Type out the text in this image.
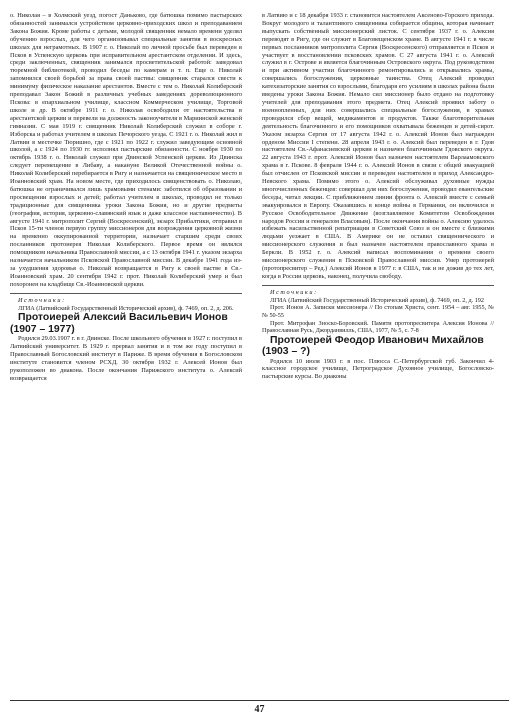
о. Николая – в Холмский уезд, погост Даньково, где батюшка помимо пастырских обязанностей занимался устройством церковно-приходских школ и преподаванием Закона Божия. Кроме работы с детьми, молодой священник немало времени уделял обучению взрослых, для чего организовывал специальные занятия в воскресных школах для неграмотных. В 1907 г. о. Николай по личной просьбе был переведен в Псков в Успенскую церковь при исправительном арестантском отделении. И здесь, среди заключенных, священник занимался просветительской работой: заведовал тюремной библиотекой, проводил беседы по камерам и т. п. Еще о. Николай запомнился своей борьбой за права своей паствы: священник старался свести к минимуму физическое наказание арестантов. Вместе с тем о. Николай Колиберский преподавал Закон Божий в различных учебных заведениях дореволюционного Пскова: в епархиальном училище, классном Коммерческом училище, Торговой школе и др. В октябре 1911 г. о. Николая освободили от настоятельства в арестантской церкви и перевели на должность законоучителя в Мариинской женской гимназии. С мая 1919 г. священник Николай Колиберский служил в соборе г. Изборска и работал учителем в школах Печорского уезда. С 1921 г. о. Николай жил в Латвии в местечке Тюришно, где с 1921 по 1922 г. служил заведующим основной школой, а с 1924 по 1930 гг. исполнял пастырские обязанности. С ноября 1930 по октябрь 1938 г. о. Николай служил при Двинской Успенской церкви. Из Двинска следует перемещение в Либаву, а накануне Великой Отечественной войны о. Николай Колиберский перебирается в Ригу и назначается на священническое место в Иоанновский храм. На новом месте, где приходилось священствовать о. Николаю, батюшка не ограничивался лишь храмовыми стенами: заботился об образовании и просвещении взрослых и детей; работал учителем в школах, проводил не только традиционные для священника уроки Закона Божия, но и другие предметы (география, история, церковно-славянский язык и даже классное наставничество). В августе 1941 г. митрополит Сергий (Воскресенский), экзарх Прибалтики, отправил в Псков 15-ти членов первую группу миссионеров для возрождения церковной жизни на временно оккупированной территории, назначает старшим среди своих посланников протоиерея Николая Колиберского. Первое время он являлся помощником начальника Православной миссии, а с 13 октября 1941 г. указом экзарха назначается начальником Псковской Православной миссии. В декабре 1941 года из-за ухудшения здоровья о. Николай возвращается в Ригу к своей пастве в Св.-Иоанновский храм. 20 сентября 1942 г. прот. Николай Колиберский умер и был похоронен на кладбище Св.-Иоанновской церкви.

Источники:

ЛГИА (Латвийский Государственный Исторический архив), ф. 7469, оп. 2, д. 206.

Протоиерей Алексий Васильевич Ионов (1907 – 1977)

Родился 29.03.1907 г. в г. Двинске. После школьного обучения в 1927 г. поступил в Латвийский университет. В 1929 г. прервал занятия и в том же году поступил в Православный Богословский институт в Париже. В время обучения в Богословском институте становится членом РСХД. 30 октября 1932 г. Алексей Ионов был рукоположен во диакона. После окончания Парижского института о. Алексий возвращается

в Латвию и с 18 декабря 1933 г. становится настоятелем Аксеново-Горского прихода. Вокруг молодого и талантливого священника собирается община, которая начинает выпускать собственный миссионерский листок. С сентября 1937 г. о. Алексия переводят в Ригу, где он служит в Благовещенском храме. В августе 1941 г. в числе первых посланников митрополита Сергия (Воскресенского) отправляется в Псков и участвует в восстановлении псковских храмов. С 27 августа 1941 г. о. Алексий служил в г. Острове и является благочинным Островского округа. Под руководством и при активном участии благочинного ремонтировались и открывались храмы, совершались богослужения, церковные таинства. Отец Алексий проводил катехизаторские занятия со взрослыми, благодаря его усилиям в школах района были введены уроки Закона Божия. Немало сил миссионер было отдано на подготовку учителей для преподавания этого предмета. Отец Алексий проявил заботу о военнопленных, для них совершались специальные богослужения, в храмах проводился сбор вещей, медикаментов и продуктов. Также благотворительная деятельность благочинного и его помощников охватывала беженцев и детей-сирот. Указом экзарха Сергия от 17 августа 1942 г. о. Алексий Ионов был награжден орденом Миссии I степени. 28 апреля 1943 г. о. Алексий был переведен в г. Гдов настоятелем Св.-Афанасиевской церкви и назначен благочинным Гдовского округа. 22 августа 1943 г. прот. Алексий Ионов был назначен настоятелем Варлаамовского храма в г. Пскове. 8 февраля 1944 г. о. Алексий Ионов в связи с общей эвакуацией был отчислен от Псковской миссии и переведен настоятелем в приход Александро-Невского храма. Помимо этого о. Алексий обслуживал духовные нужды многочисленных беженцев: совершал для них богослужения, проводил евангельские беседы, читал лекции. С приближением линии фронта о. Алексий вместе с семьей эвакуировался в Европу. Оказавшись в конце войны в Германии, он включился в Русское Освободительное Движение (возглавляемое Комитетом Освобождения народов России и генералом Власовым). После окончания войны о. Алексию удалось избежать насильственной репатриации в Советский Союз и он вместе с близкими людьми уезжает в США. В Америке он не оставил священнического и миссионерского служения и был назначен настоятелем православного храма в Беркли. В 1952 г. о. Алексий написал воспоминания о времени своего миссионерского служения в Псковской Православной миссии. Умер протоиерей (протопресвитер – Ред.) Алексий Ионов в 1977 г. в США, так и не дожив до тех лет, когда в России церковь, наконец, получила свободу.

Источники:

ЛГИА (Латвийский Государственный Исторический архив), ф. 7469, оп. 2, д. 192

Прот. Ионов А. Записки миссионера // По стопам Христа, сент. 1954 – авг. 1955, №№ 50-55

Прот. Митрофан Зноско-Боровский. Памяти протопресвитера Алексия Ионова // Православная Русь, Джорданвилль, США, 1977, № 5, с. 7-8

Протоиерей Феодор Иванович Михайлов (1903 – ?)

Родился 10 июля 1903 г. в пос. Плюсса С.-Петербургской губ. Закончил 4-классное городское училище, Петроградское Духовное училище, Богословско-пастырские курсы. Во диаконы

47
